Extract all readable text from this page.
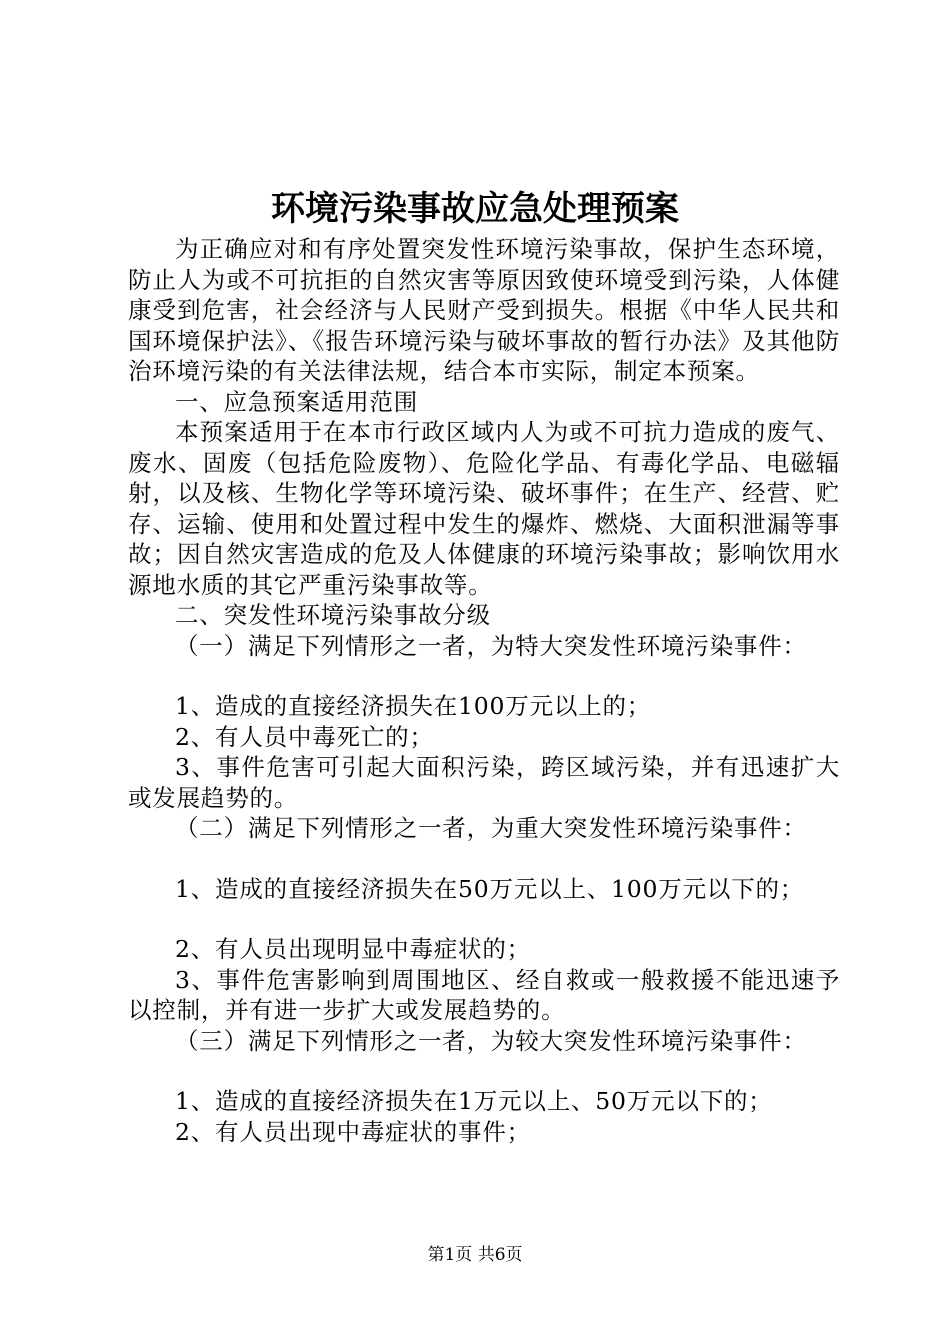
环境污染事故应急处理预案

为正确应对和有序处置突发性环境污染事故，保护生态环境，防止人为或不可抗拒的自然灾害等原因致使环境受到污染，人体健康受到危害，社会经济与人民财产受到损失。根据《中华人民共和国环境保护法》、《报告环境污染与破坏事故的暂行办法》及其他防治环境污染的有关法律法规，结合本市实际，制定本预案。

一、应急预案适用范围

本预案适用于在本市行政区域内人为或不可抗力造成的废气、废水、固废（包括危险废物）、危险化学品、有毒化学品、电磁辐射，以及核、生物化学等环境污染、破坏事件；在生产、经营、贮存、运输、使用和处置过程中发生的爆炸、燃烧、大面积泄漏等事故；因自然灾害造成的危及人体健康的环境污染事故；影响饮用水源地水质的其它严重污染事故等。

二、突发性环境污染事故分级

（一）满足下列情形之一者，为特大突发性环境污染事件：

1、造成的直接经济损失在100万元以上的；

2、有人员中毒死亡的；

3、事件危害可引起大面积污染，跨区域污染，并有迅速扩大或发展趋势的。

（二）满足下列情形之一者，为重大突发性环境污染事件：

1、造成的直接经济损失在50万元以上、100万元以下的；

2、有人员出现明显中毒症状的；

3、事件危害影响到周围地区、经自救或一般救援不能迅速予以控制，并有进一步扩大或发展趋势的。

（三）满足下列情形之一者，为较大突发性环境污染事件：

1、造成的直接经济损失在1万元以上、50万元以下的；

2、有人员出现中毒症状的事件；

第1页 共6页
